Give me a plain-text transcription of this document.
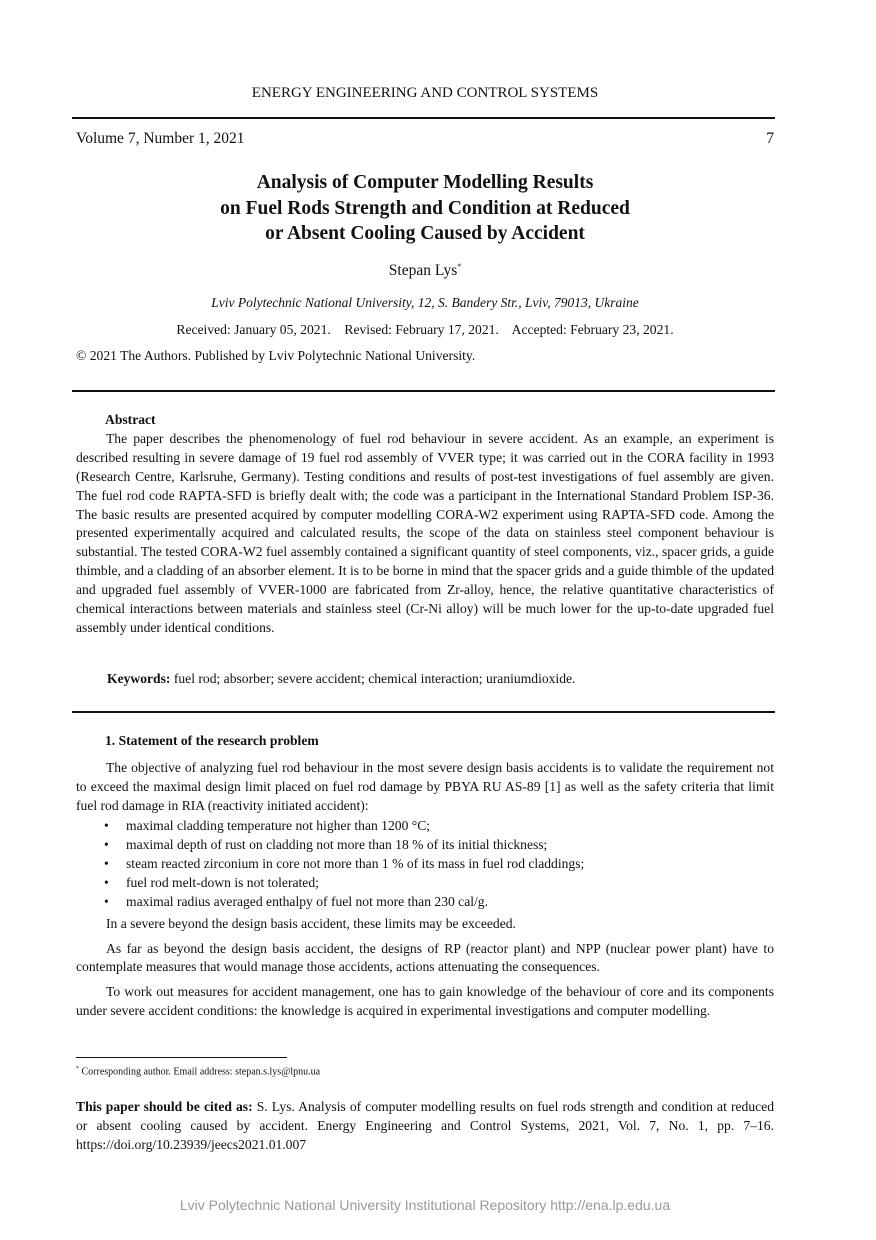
ENERGY ENGINEERING AND CONTROL SYSTEMS
Volume 7, Number 1, 2021	7
Analysis of Computer Modelling Results
on Fuel Rods Strength and Condition at Reduced
or Absent Cooling Caused by Accident
Stepan Lys*
Lviv Polytechnic National University, 12, S. Bandery Str., Lviv, 79013, Ukraine
Received: January 05, 2021. Revised: February 17, 2021. Accepted: February 23, 2021.
© 2021 The Authors. Published by Lviv Polytechnic National University.

Abstract

The paper describes the phenomenology of fuel rod behaviour in severe accident. As an example, an experiment is described resulting in severe damage of 19 fuel rod assembly of VVER type; it was carried out in the CORA facility in 1993 (Research Centre, Karlsruhe, Germany). Testing conditions and results of post-test investigations of fuel assembly are given. The fuel rod code RAPTA-SFD is briefly dealt with; the code was a participant in the International Standard Problem ISP-36. The basic results are presented acquired by computer modelling CORA-W2 experiment using RAPTA-SFD code. Among the presented experimentally acquired and calculated results, the scope of the data on stainless steel component behaviour is substantial. The tested CORA-W2 fuel assembly contained a significant quantity of steel components, viz., spacer grids, a guide thimble, and a cladding of an absorber element. It is to be borne in mind that the spacer grids and a guide thimble of the updated and upgraded fuel assembly of VVER-1000 are fabricated from Zr-alloy, hence, the relative quantitative characteristics of chemical interactions between materials and stainless steel (Cr-Ni alloy) will be much lower for the up-to-date upgraded fuel assembly under identical conditions.

Keywords: fuel rod; absorber; severe accident; chemical interaction; uraniumdioxide.

1. Statement of the research problem

The objective of analyzing fuel rod behaviour in the most severe design basis accidents is to validate the requirement not to exceed the maximal design limit placed on fuel rod damage by PBYA RU AS-89 [1] as well as the safety criteria that limit fuel rod damage in RIA (reactivity initiated accident):

• maximal cladding temperature not higher than 1200 °C;
• maximal depth of rust on cladding not more than 18 % of its initial thickness;
• steam reacted zirconium in core not more than 1 % of its mass in fuel rod claddings;
• fuel rod melt-down is not tolerated;
• maximal radius averaged enthalpy of fuel not more than 230 cal/g.

In a severe beyond the design basis accident, these limits may be exceeded.

As far as beyond the design basis accident, the designs of RP (reactor plant) and NPP (nuclear power plant) have to contemplate measures that would manage those accidents, actions attenuating the consequences.

To work out measures for accident management, one has to gain knowledge of the behaviour of core and its components under severe accident conditions: the knowledge is acquired in experimental investigations and computer modelling.

* Corresponding author. Email address: stepan.s.lys@lpnu.ua
This paper should be cited as: S. Lys. Analysis of computer modelling results on fuel rods strength and condition at reduced or absent cooling caused by accident. Energy Engineering and Control Systems, 2021, Vol. 7, No. 1, pp. 7–16. https://doi.org/10.23939/jeecs2021.01.007
Lviv Polytechnic National University Institutional Repository http://ena.lp.edu.ua
